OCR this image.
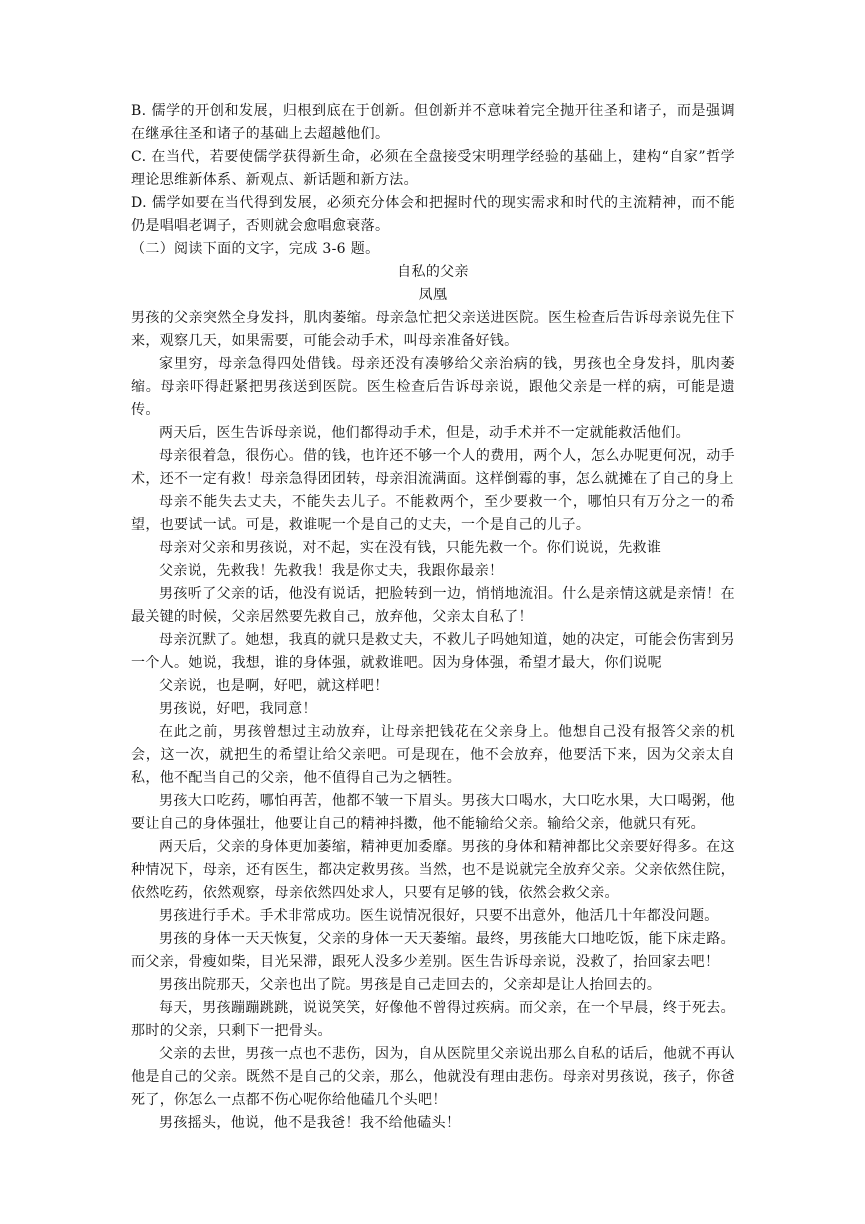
B. 儒学的开创和发展，归根到底在于创新。但创新并不意味着完全抛开往圣和诸子，而是强调在继承往圣和诸子的基础上去超越他们。

C. 在当代，若要使儒学获得新生命，必须在全盘接受宋明理学经验的基础上，建构“自家”哲学理论思维新体系、新观点、新话题和新方法。

D. 儒学如要在当代得到发展，必须充分体会和把握时代的现实需求和时代的主流精神，而不能仍是唱唱老调子，否则就会愈唱愈衰落。

（二）阅读下面的文字，完成 3-6 题。

自私的父亲

凤凰

男孩的父亲突然全身发抖，肌肉萎缩。母亲急忙把父亲送进医院。医生检查后告诉母亲说先住下来，观察几天，如果需要，可能会动手术，叫母亲准备好钱。

家里穷，母亲急得四处借钱。母亲还没有凑够给父亲治病的钱，男孩也全身发抖，肌肉萎缩。母亲吓得赶紧把男孩送到医院。医生检查后告诉母亲说，跟他父亲是一样的病，可能是遗传。

两天后，医生告诉母亲说，他们都得动手术，但是，动手术并不一定就能救活他们。

母亲很着急，很伤心。借的钱，也许还不够一个人的费用，两个人，怎么办呢更何况，动手术，还不一定有救！母亲急得团团转，母亲泪流满面。这样倒霉的事，怎么就摊在了自己的身上

母亲不能失去丈夫，不能失去儿子。不能救两个，至少要救一个，哪怕只有万分之一的希望，也要试一试。可是，救谁呢一个是自己的丈夫，一个是自己的儿子。

母亲对父亲和男孩说，对不起，实在没有钱，只能先救一个。你们说说，先救谁

父亲说，先救我！先救我！我是你丈夫，我跟你最亲！

男孩听了父亲的话，他没有说话，把脸转到一边，悄悄地流泪。什么是亲情这就是亲情！在最关键的时候，父亲居然要先救自己，放弃他，父亲太自私了！

母亲沉默了。她想，我真的就只是救丈夫，不救儿子吗她知道，她的决定，可能会伤害到另一个人。她说，我想，谁的身体强，就救谁吧。因为身体强，希望才最大，你们说呢

父亲说，也是啊，好吧，就这样吧！

男孩说，好吧，我同意！

在此之前，男孩曾想过主动放弃，让母亲把钱花在父亲身上。他想自己没有报答父亲的机会，这一次，就把生的希望让给父亲吧。可是现在，他不会放弃，他要活下来，因为父亲太自私，他不配当自己的父亲，他不值得自己为之牺牲。

男孩大口吃药，哪怕再苦，他都不皱一下眉头。男孩大口喝水，大口吃水果，大口喝粥，他要让自己的身体强壮，他要让自己的精神抖擞，他不能输给父亲。输给父亲，他就只有死。

两天后，父亲的身体更加萎缩，精神更加委靡。男孩的身体和精神都比父亲要好得多。在这种情况下，母亲，还有医生，都决定救男孩。当然，也不是说就完全放弃父亲。父亲依然住院，依然吃药，依然观察，母亲依然四处求人，只要有足够的钱，依然会救父亲。

男孩进行手术。手术非常成功。医生说情况很好，只要不出意外，他活几十年都没问题。

男孩的身体一天天恢复，父亲的身体一天天萎缩。最终，男孩能大口地吃饭，能下床走路。而父亲，骨瘦如柴，目光呆滞，跟死人没多少差别。医生告诉母亲说，没救了，抬回家去吧！

男孩出院那天，父亲也出了院。男孩是自己走回去的，父亲却是让人抬回去的。

每天，男孩蹦蹦跳跳，说说笑笑，好像他不曾得过疾病。而父亲，在一个早晨，终于死去。那时的父亲，只剩下一把骨头。

父亲的去世，男孩一点也不悲伤，因为，自从医院里父亲说出那么自私的话后，他就不再认他是自己的父亲。既然不是自己的父亲，那么，他就没有理由悲伤。母亲对男孩说，孩子，你爸死了，你怎么一点都不伤心呢你给他磕几个头吧！

男孩摇头，他说，他不是我爸！我不给他磕头！
